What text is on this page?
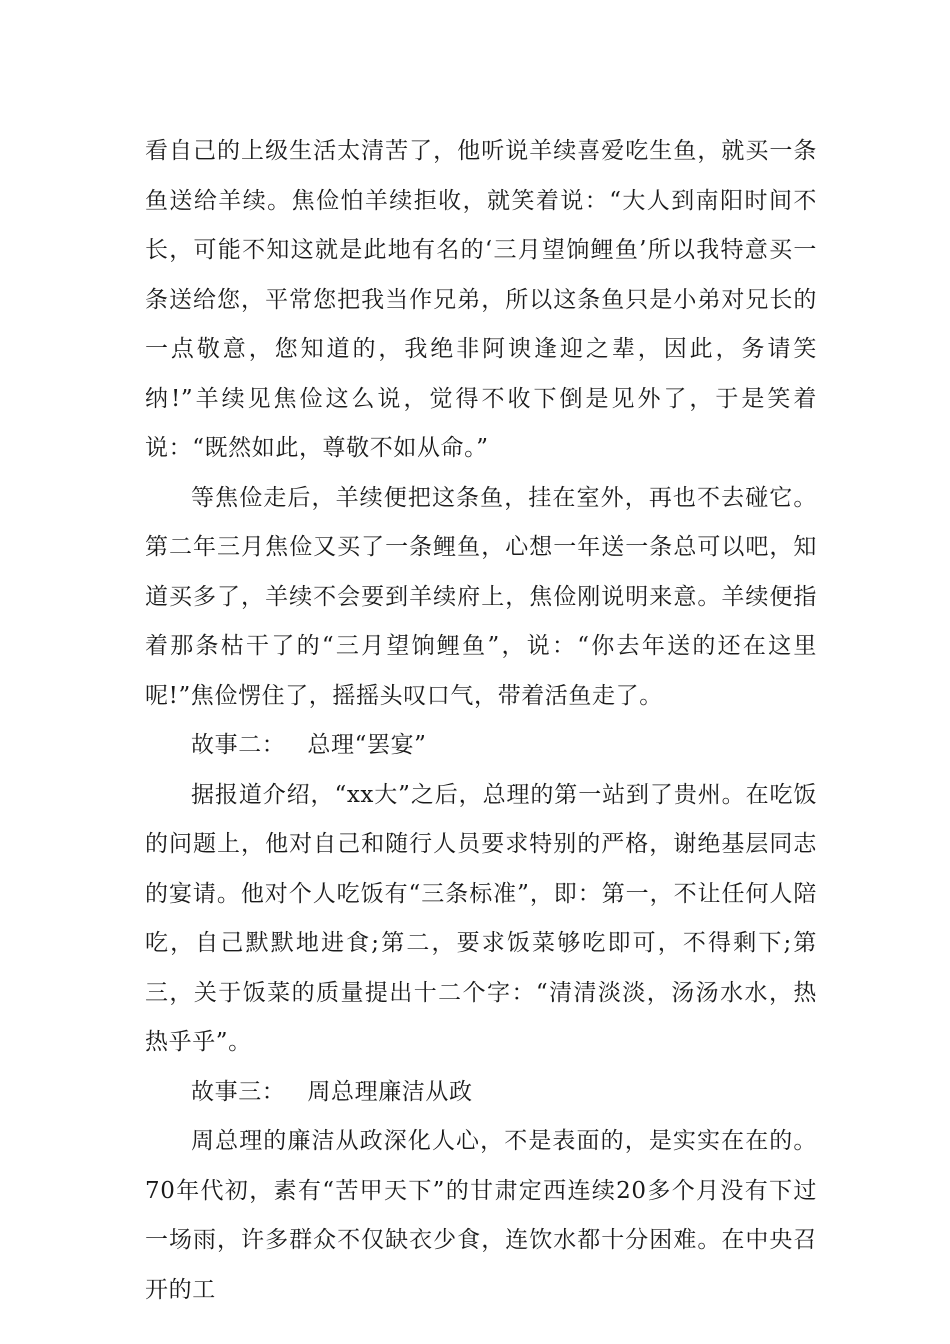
看自己的上级生活太清苦了，他听说羊续喜爱吃生鱼，就买一条鱼送给羊续。焦俭怕羊续拒收，就笑着说：“大人到南阳时间不长，可能不知这就是此地有名的‘三月望饷鲤鱼’所以我特意买一条送给您，平常您把我当作兄弟，所以这条鱼只是小弟对兄长的一点敬意，您知道的，我绝非阿谀逢迎之辈，因此，务请笑纳!”羊续见焦俭这么说，觉得不收下倒是见外了，于是笑着说：“既然如此，尊敬不如从命。”

等焦俭走后，羊续便把这条鱼，挂在室外，再也不去碰它。第二年三月焦俭又买了一条鲤鱼，心想一年送一条总可以吧，知道买多了，羊续不会要到羊续府上，焦俭刚说明来意。羊续便指着那条枯干了的“三月望饷鲤鱼”，说：“你去年送的还在这里呢!”焦俭愣住了，摇摇头叹口气，带着活鱼走了。

故事二： 总理“罢宴”

据报道介绍，“xx大”之后，总理的第一站到了贵州。在吃饭的问题上，他对自己和随行人员要求特别的严格，谢绝基层同志的宴请。他对个人吃饭有“三条标准”，即：第一，不让任何人陪吃，自己默默地进食;第二，要求饭菜够吃即可，不得剩下;第三，关于饭菜的质量提出十二个字：“清清淡淡，汤汤水水，热热乎乎”。

故事三： 周总理廉洁从政

周总理的廉洁从政深化人心，不是表面的，是实实在在的。70年代初，素有“苦甲天下”的甘肃定西连续20多个月没有下过一场雨，许多群众不仅缺衣少食，连饮水都十分困难。在中央召开的工
